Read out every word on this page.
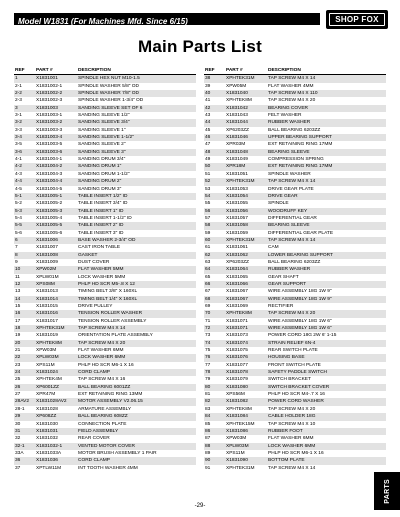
Model W1831 (For Machines Mfd. Since 6/15)	SHOP FOX
Main Parts List
REF	PART #	DESCRIPTION
1	X1831001	SPINDLE HEX NUT M10-1.5
2-1	X1831002-1	SPINDLE WASHER 5/8" OD
2-2	X1831002-2	SPINDLE WASHER 7/8" OD
2-3	X1831002-3	SPINDLE WASHER 1-3/4" OD
3	X1831003	SANDING SLEEVE SET OF 6
3-1	X1831003-1	SANDING SLEEVE 1/2"
3-2	X1831003-2	SANDING SLEEVE 3/4"
3-3	X1831003-3	SANDING SLEEVE 1"
3-4	X1831003-4	SANDING SLEEVE 1-1/2"
3-5	X1831003-5	SANDING SLEEVE 2"
3-6	X1831003-6	SANDING SLEEVE 3"
4-1	X1831004-1	SANDING DRUM 3/4"
4-2	X1831004-2	SANDING DRUM 1"
4-3	X1831004-3	SANDING DRUM 1-1/2"
4-4	X1831004-4	SANDING DRUM 2"
4-5	X1831004-5	SANDING DRUM 3"
5-1	X1831005-1	TABLE INSERT 1/2" ID
5-2	X1831005-2	TABLE INSERT 3/4" ID
5-3	X1831005-3	TABLE INSERT 1" ID
5-4	X1831005-4	TABLE INSERT 1-1/2" ID
5-5	X1831005-5	TABLE INSERT 2" ID
5-6	X1831005-6	TABLE INSERT 3" ID
6	X1831006	BASE WASHER 2-3/4" OD
7	X1831007	CAST IRON TABLE
8	X1831008	GASKET
9	X1831009	DUST COVER
10	XPW02M	FLAT WASHER 5MM
11	XPLW01M	LOCK WASHER 5MM
12	XPS08M	PHLP HD SCR M5-.8 X 12
13	X1831013	TIMING BELT 3/8" X 160XL
14	X1831014	TIMING BELT 1/4" X 160XL
15	X1831015	DRIVE PULLEY
16	X1831016	TENSION ROLLER WASHER
17	X1831017	TENSION ROLLER ASSEMBLY
18	XPHTEK31M	TAP SCREW M4 X 14
19	X1831019	ORIENTATION PLATE ASSEMBLY
20	XPHTEK8M	TAP SCREW M4 X 20
21	XPW03M	FLAT WASHER 6MM
22	XPLW03M	LOCK WASHER 6MM
23	XPS11M	PHLP HD SCR M6-1 X 16
24	X1831024	CORD CLAMP
25	XPHTEK4M	TAP SCREW M4 X 16
26	XP6001ZZ	BALL BEARING 6001ZZ
27	XPR47M	EXT RETAINING RING 13MM
28AV2	X1831028AV2	MOTOR ASSEMBLY V2.06.15
28-1	X1831028	ARMATURE ASSEMBLY
29	XP608ZZ	BALL BEARING 608ZZ
30	X1831030	CONNECTION PLATE
31	X1831031	FIELD ASSEMBLY
32	X1831032	REAR COVER
32-1	X1831032-1	VENTED MOTOR COVER
33A	X1831033A	MOTOR BRUSH ASSEMBLY 1 PAIR
36	X1831036	CORD CLAMP
37	XPTLW11M	INT TOOTH WASHER 4MM
REF	PART #	DESCRIPTION
38	XPHTEK31M	TAP SCREW M4 X 14
39	XPW05M	FLAT WASHER 4MM
40	X1831040	TAP SCREW M4 X 110
41	XPHTEK8M	TAP SCREW M4 X 20
42	X1831042	BEARING COVER
43	X1831043	FELT WASHER
44	X1831044	RUBBER WASHER
45	XP6203ZZ	BALL BEARING 6203ZZ
46	X1831046	UPPER BEARING SUPPORT
47	XPR03M	EXT RETAINING RING 17MM
48	X1831048	BEARING SLEEVE
49	X1831049	COMPRESSION SPRING
50	XPR18M	EXT RETAINING RING 17MM
51	X1831051	SPINDLE WASHER
52	XPHTEK31M	TAP SCREW M4 X 14
53	X1831053	DRIVE GEAR PLATE
54	X1831054	DRIVE GEAR
55	X1831055	SPINDLE
56	X1831056	WOODRUFF KEY
57	X1831057	DIFFERENTIAL GEAR
58	X1831058	BEARING SLEEVE
59	X1831059	DIFFERENTIAL GEAR PLATE
60	XPHTEK31M	TAP SCREW M4 X 14
61	X1831061	CAM
62	X1831062	LOWER BEARING SUPPORT
63	XP6203ZZ	BALL BEARING 6203ZZ
64	X1831064	RUBBER WASHER
65	X1831065	GEAR SHAFT
66	X1831066	GEAR SUPPORT
67	X1831067	WIRE ASSEMBLY 18G 1W 9"
68	X1831067	WIRE ASSEMBLY 18G 1W 9"
69	X1831069	RECTIFIER
70	XPHTEK8M	TAP SCREW M4 X 20
71	X1831071	WIRE ASSEMBLY 18G 1W 6"
72	X1831071	WIRE ASSEMBLY 18G 1W 6"
73	X1831073	POWER CORD 18G 2W 6' 1-15
74	X1831074	STRAIN RELIEF 6N-4
75	X1831075	REAR SWITCH PLATE
76	X1831076	HOUSING BASE
77	X1831077	FRONT SWITCH PLATE
78	X1831078	SAFETY PADDLE SWITCH
79	X1831079	SWITCH BRACKET
80	X1831080	SWITCH BRACKET COVER
81	XPS56M	PHLP HD SCR M4-.7 X 16
82	X1831082	POWER CORD WASHER
83	XPHTEK8M	TAP SCREW M4 X 20
84	X1831084	CABLE HOLDER 18G
85	XPHTEK15M	TAP SCREW M4 X 10
86	X1831086	RUBBER FOOT
87	XPW03M	FLAT WASHER 6MM
88	XPLW03M	LOCK WASHER 6MM
89	XPS11M	PHLP HD SCR M6-1 X 16
90	X1831090	BOTTOM PLATE
91	XPHTEK31M	TAP SCREW M4 X 14
-29-
PARTS
